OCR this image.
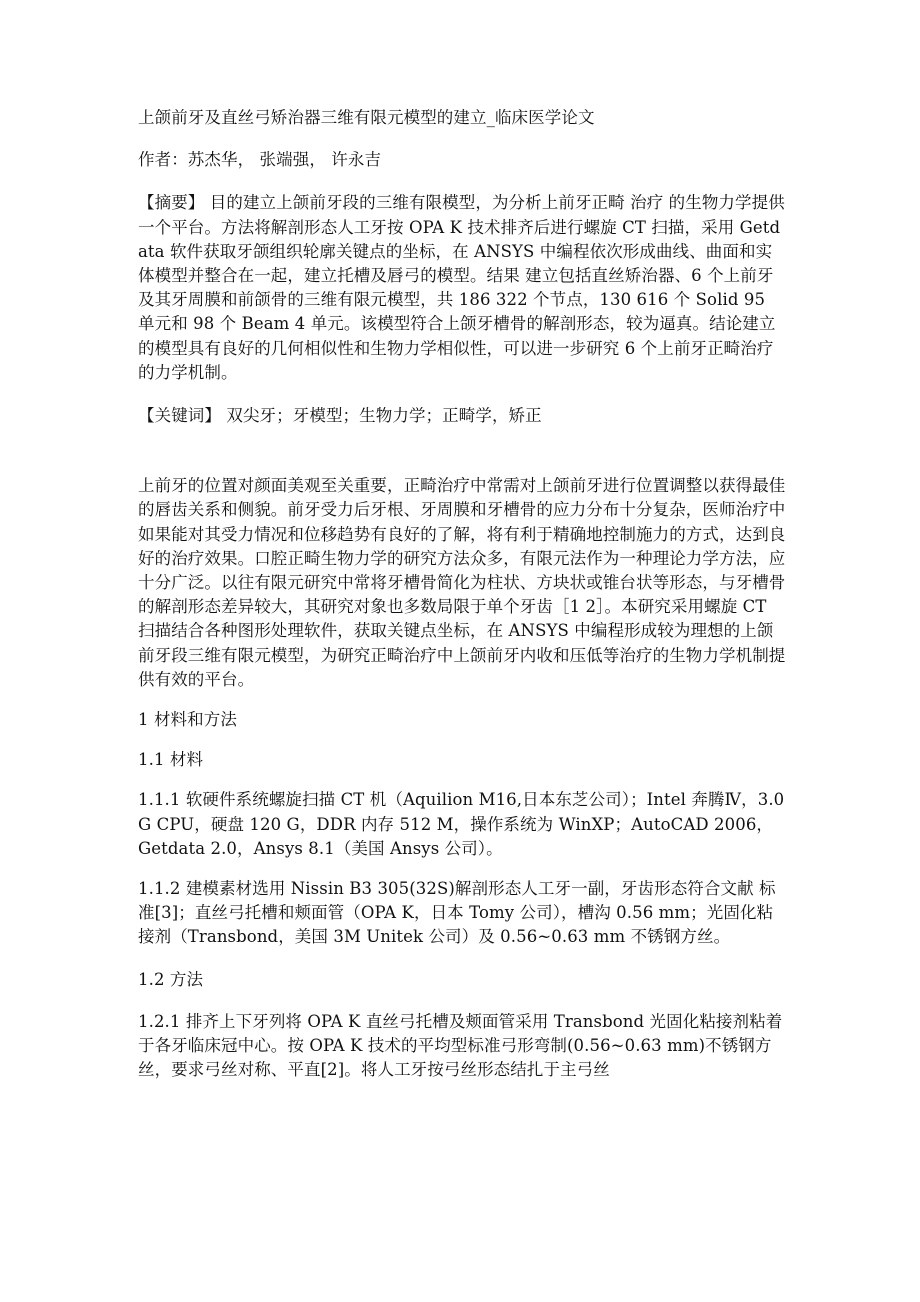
上颌前牙及直丝弓矫治器三维有限元模型的建立_临床医学论文

作者：苏杰华， 张端强， 许永吉

【摘要】 目的建立上颌前牙段的三维有限模型，为分析上前牙正畸 治疗 的生物力学提供一个平台。方法将解剖形态人工牙按 OPA K 技术排齐后进行螺旋 CT 扫描，采用 Getdata 软件获取牙颌组织轮廓关键点的坐标，在 ANSYS 中编程依次形成曲线、曲面和实体模型并整合在一起，建立托槽及唇弓的模型。结果 建立包括直丝矫治器、6 个上前牙及其牙周膜和前颌骨的三维有限元模型，共 186 322 个节点，130 616 个 Solid 95 单元和 98 个 Beam 4 单元。该模型符合上颌牙槽骨的解剖形态，较为逼真。结论建立的模型具有良好的几何相似性和生物力学相似性，可以进一步研究 6 个上前牙正畸治疗的力学机制。

【关键词】 双尖牙；牙模型；生物力学；正畸学，矫正

上前牙的位置对颜面美观至关重要，正畸治疗中常需对上颌前牙进行位置调整以获得最佳的唇齿关系和侧貌。前牙受力后牙根、牙周膜和牙槽骨的应力分布十分复杂，医师治疗中如果能对其受力情况和位移趋势有良好的了解，将有利于精确地控制施力的方式，达到良好的治疗效果。口腔正畸生物力学的研究方法众多，有限元法作为一种理论力学方法，应十分广泛。以往有限元研究中常将牙槽骨简化为柱状、方块状或锥台状等形态，与牙槽骨的解剖形态差异较大，其研究对象也多数局限于单个牙齿［1 2］。本研究采用螺旋 CT 扫描结合各种图形处理软件，获取关键点坐标，在 ANSYS 中编程形成较为理想的上颌前牙段三维有限元模型，为研究正畸治疗中上颌前牙内收和压低等治疗的生物力学机制提供有效的平台。

1 材料和方法

1.1 材料

1.1.1 软硬件系统螺旋扫描 CT 机（Aquilion M16,日本东芝公司）；Intel 奔腾Ⅳ，3.0 G CPU，硬盘 120 G，DDR 内存 512 M，操作系统为 WinXP；AutoCAD 2006，Getdata 2.0，Ansys 8.1（美国 Ansys 公司）。

1.1.2 建模素材选用 Nissin B3 305(32S)解剖形态人工牙一副，牙齿形态符合文献 标准[3]；直丝弓托槽和颊面管（OPA K，日本 Tomy 公司），槽沟 0.56 mm；光固化粘接剂（Transbond，美国 3M Unitek 公司）及 0.56~0.63 mm 不锈钢方丝。

1.2 方法

1.2.1 排齐上下牙列将 OPA K 直丝弓托槽及颊面管采用 Transbond 光固化粘接剂粘着于各牙临床冠中心。按 OPA K 技术的平均型标准弓形弯制(0.56~0.63 mm)不锈钢方丝，要求弓丝对称、平直[2]。将人工牙按弓丝形态结扎于主弓丝
